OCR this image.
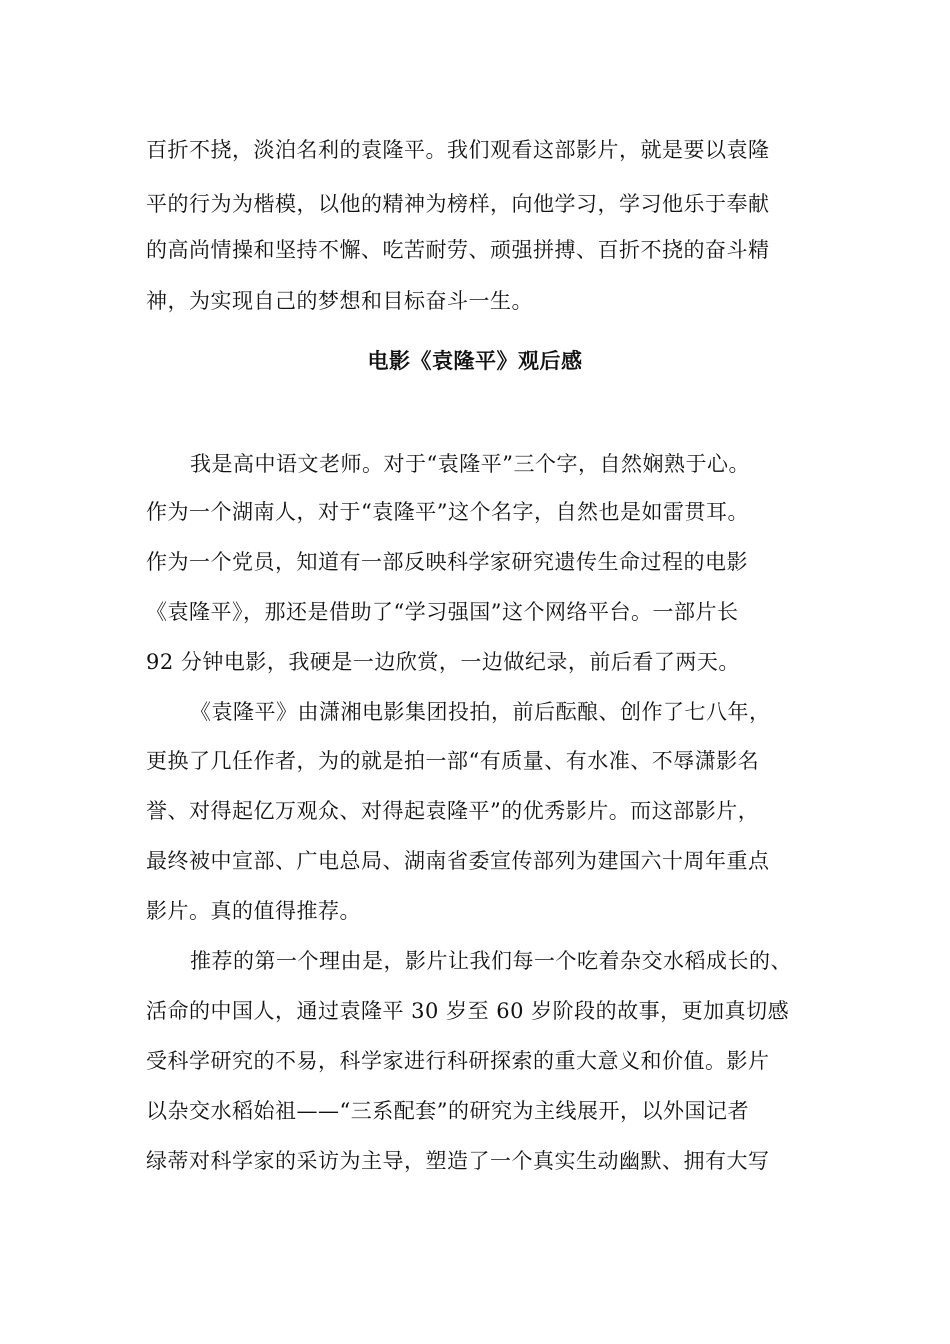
百折不挠，淡泊名利的袁隆平。我们观看这部影片，就是要以袁隆
平的行为为楷模，以他的精神为榜样，向他学习，学习他乐于奉献
的高尚情操和坚持不懈、吃苦耐劳、顽强拼搏、百折不挠的奋斗精
神，为实现自己的梦想和目标奋斗一生。
电影《袁隆平》观后感
我是高中语文老师。对于“袁隆平”三个字，自然娴熟于心。
作为一个湖南人，对于“袁隆平”这个名字，自然也是如雷贯耳。
作为一个党员，知道有一部反映科学家研究遗传生命过程的电影
《袁隆平》，那还是借助了“学习强国”这个网络平台。一部片长
92 分钟电影，我硬是一边欣赏，一边做纪录，前后看了两天。
《袁隆平》由潇湘电影集团投拍，前后酝酿、创作了七八年，
更换了几任作者，为的就是拍一部“有质量、有水准、不辱潇影名
誉、对得起亿万观众、对得起袁隆平”的优秀影片。而这部影片，
最终被中宣部、广电总局、湖南省委宣传部列为建国六十周年重点
影片。真的值得推荐。
推荐的第一个理由是，影片让我们每一个吃着杂交水稻成长的、
活命的中国人，通过袁隆平 30 岁至 60 岁阶段的故事，更加真切感
受科学研究的不易，科学家进行科研探索的重大意义和价值。影片
以杂交水稻始祖——“三系配套”的研究为主线展开，以外国记者
绿蒂对科学家的采访为主导，塑造了一个真实生动幽默、拥有大写
